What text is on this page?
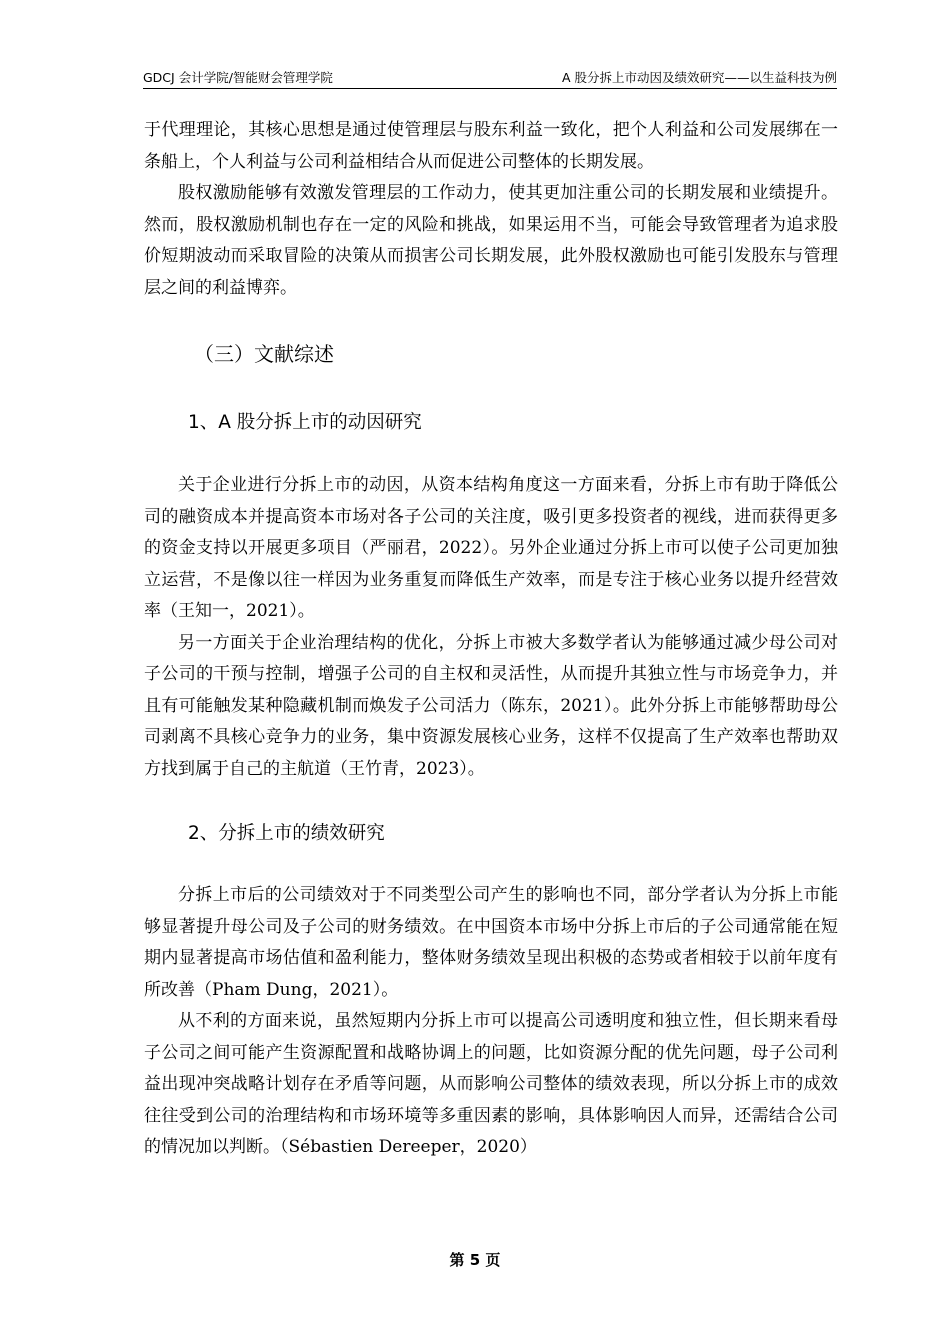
GDCJ 会计学院/智能财会管理学院	A 股分拆上市动因及绩效研究——以生益科技为例

于代理理论，其核心思想是通过使管理层与股东利益一致化，把个人利益和公司发展绑在一条船上，个人利益与公司利益相结合从而促进公司整体的长期发展。

股权激励能够有效激发管理层的工作动力，使其更加注重公司的长期发展和业绩提升。然而，股权激励机制也存在一定的风险和挑战，如果运用不当，可能会导致管理者为追求股价短期波动而采取冒险的决策从而损害公司长期发展，此外股权激励也可能引发股东与管理层之间的利益博弈。

（三）文献综述
1、A 股分拆上市的动因研究

关于企业进行分拆上市的动因，从资本结构角度这一方面来看，分拆上市有助于降低公司的融资成本并提高资本市场对各子公司的关注度，吸引更多投资者的视线，进而获得更多的资金支持以开展更多项目（严丽君，2022）。另外企业通过分拆上市可以使子公司更加独立运营，不是像以往一样因为业务重复而降低生产效率，而是专注于核心业务以提升经营效率（王知一，2021）。

另一方面关于企业治理结构的优化，分拆上市被大多数学者认为能够通过减少母公司对子公司的干预与控制，增强子公司的自主权和灵活性，从而提升其独立性与市场竞争力，并且有可能触发某种隐藏机制而焕发子公司活力（陈东，2021）。此外分拆上市能够帮助母公司剥离不具核心竞争力的业务，集中资源发展核心业务，这样不仅提高了生产效率也帮助双方找到属于自己的主航道（王竹青，2023）。

2、分拆上市的绩效研究

分拆上市后的公司绩效对于不同类型公司产生的影响也不同，部分学者认为分拆上市能够显著提升母公司及子公司的财务绩效。在中国资本市场中分拆上市后的子公司通常能在短期内显著提高市场估值和盈利能力，整体财务绩效呈现出积极的态势或者相较于以前年度有所改善（Pham Dung，2021）。

从不利的方面来说，虽然短期内分拆上市可以提高公司透明度和独立性，但长期来看母子公司之间可能产生资源配置和战略协调上的问题，比如资源分配的优先问题，母子公司利益出现冲突战略计划存在矛盾等问题，从而影响公司整体的绩效表现，所以分拆上市的成效往往受到公司的治理结构和市场环境等多重因素的影响，具体影响因人而异，还需结合公司的情况加以判断。（Sébastien Dereeper，2020）

第 5 页
